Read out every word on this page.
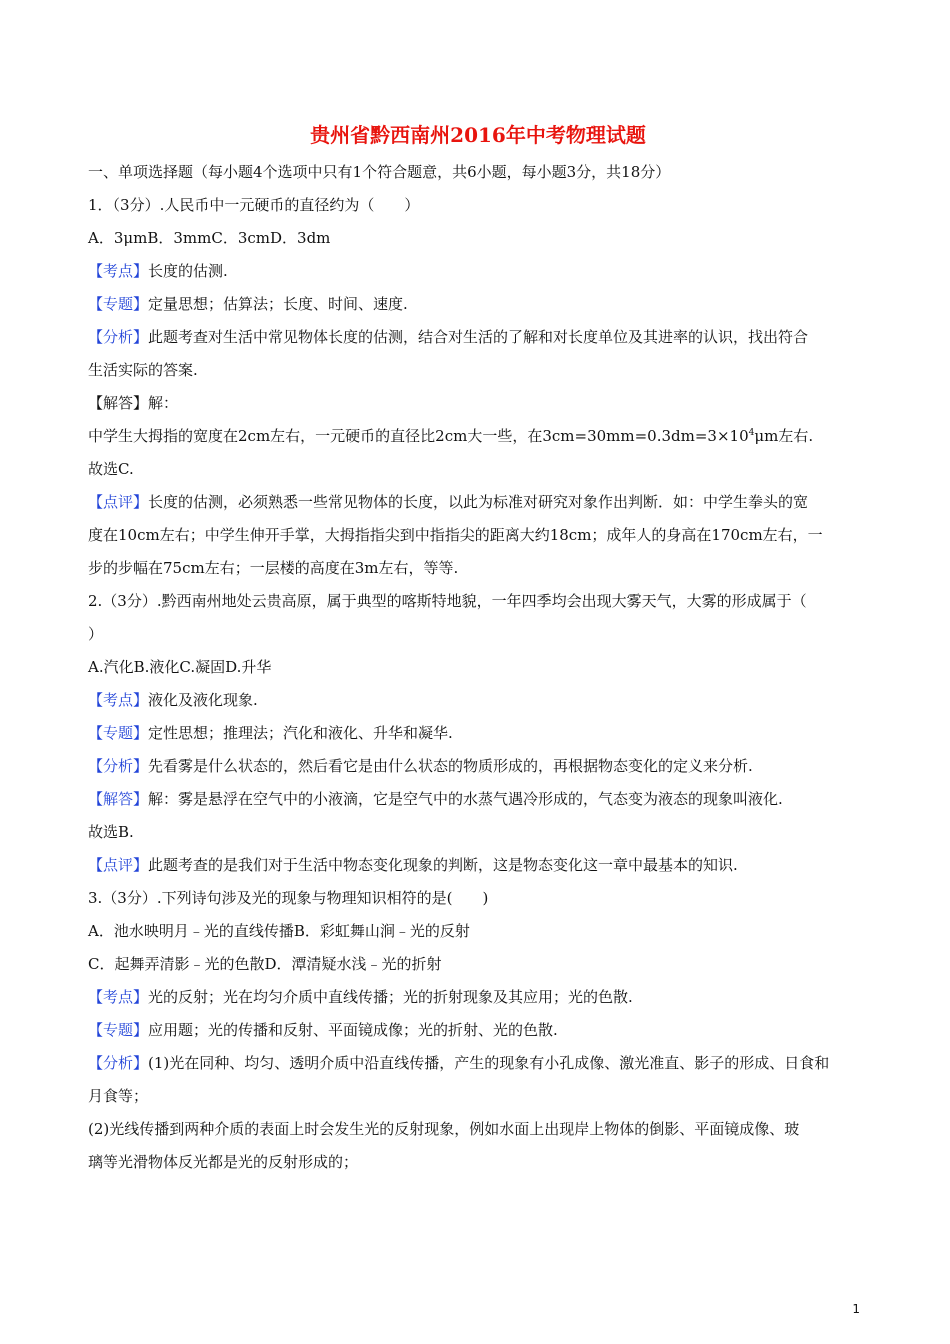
贵州省黔西南州2016年中考物理试题
一、单项选择题（每小题4个选项中只有1个符合题意，共6小题，每小题3分，共18分）
1．（3分）.人民币中一元硬币的直径约为（　　）
A．3μmB．3mmC．3cmD．3dm
【考点】长度的估测.
【专题】定量思想；估算法；长度、时间、速度.
【分析】此题考查对生活中常见物体长度的估测，结合对生活的了解和对长度单位及其进率的认识，找出符合
生活实际的答案.
【解答】解：
中学生大拇指的宽度在2cm左右，一元硬币的直径比2cm大一些，在$3cm=30mm=0.3dm=3\times 10^4\mu m$左右.
故选C.
【点评】长度的估测，必须熟悉一些常见物体的长度，以此为标准对研究对象作出判断．如：中学生拳头的宽
度在10cm左右；中学生伸开手掌，大拇指指尖到中指指尖的距离大约18cm；成年人的身高在170cm左右，一
步的步幅在75cm左右；一层楼的高度在3m左右，等等.
2.（3分）.黔西南州地处云贵高原，属于典型的喀斯特地貌，一年四季均会出现大雾天气，大雾的形成属于（
）
A.汽化B.液化C.凝固D.升华
【考点】液化及液化现象.
【专题】定性思想；推理法；汽化和液化、升华和凝华.
【分析】先看雾是什么状态的，然后看它是由什么状态的物质形成的，再根据物态变化的定义来分析.
【解答】解：雾是悬浮在空气中的小液滴，它是空气中的水蒸气遇冷形成的，气态变为液态的现象叫液化.
故选B.
【点评】此题考查的是我们对于生活中物态变化现象的判断，这是物态变化这一章中最基本的知识.
3.（3分）.下列诗句涉及光的现象与物理知识相符的是(　　)
A．池水映明月﹣光的直线传播B．彩虹舞山涧﹣光的反射
C．起舞弄清影﹣光的色散D．潭清疑水浅﹣光的折射
【考点】光的反射；光在均匀介质中直线传播；光的折射现象及其应用；光的色散.
【专题】应用题；光的传播和反射、平面镜成像；光的折射、光的色散.
【分析】(1)光在同种、均匀、透明介质中沿直线传播，产生的现象有小孔成像、激光准直、影子的形成、日食和
月食等；
(2)光线传播到两种介质的表面上时会发生光的反射现象，例如水面上出现岸上物体的倒影、平面镜成像、玻
璃等光滑物体反光都是光的反射形成的；
1
